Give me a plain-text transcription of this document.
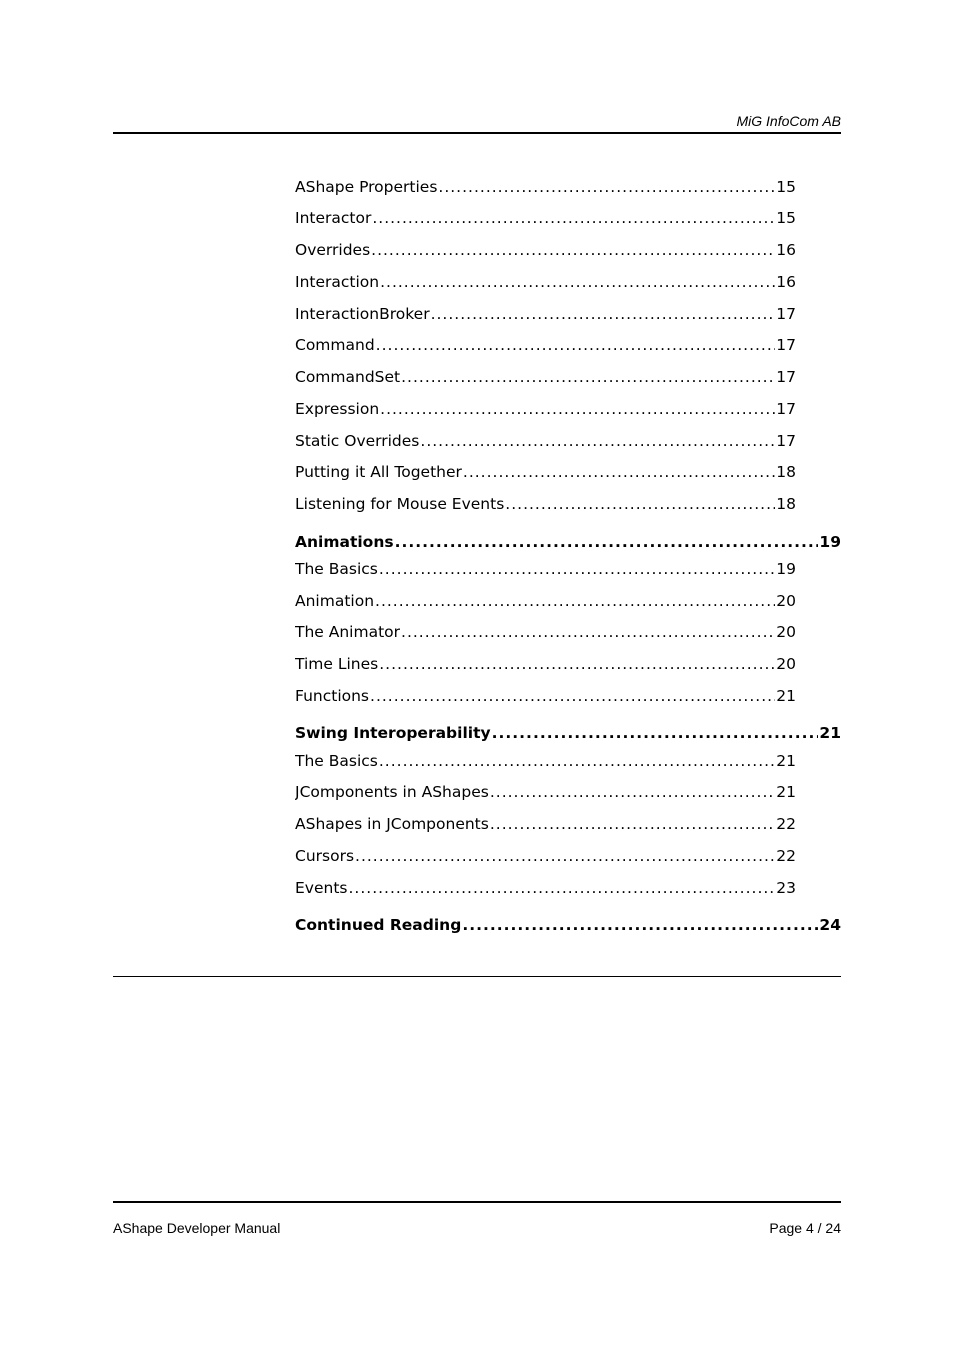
MiG InfoCom AB
AShape Properties .....	15
Interactor .....	15
Overrides .....	16
Interaction .....	16
InteractionBroker .....	17
Command .....	17
CommandSet .....	17
Expression .....	17
Static Overrides .....	17
Putting it All Together .....	18
Listening for Mouse Events .....	18
Animations .....	19
The Basics .....	19
Animation .....	20
The Animator .....	20
Time Lines .....	20
Functions .....	21
Swing Interoperability .....	21
The Basics .....	21
JComponents in AShapes .....	21
AShapes in JComponents .....	22
Cursors .....	22
Events .....	23
Continued Reading .....	24
AShape Developer Manual	Page 4 / 24
